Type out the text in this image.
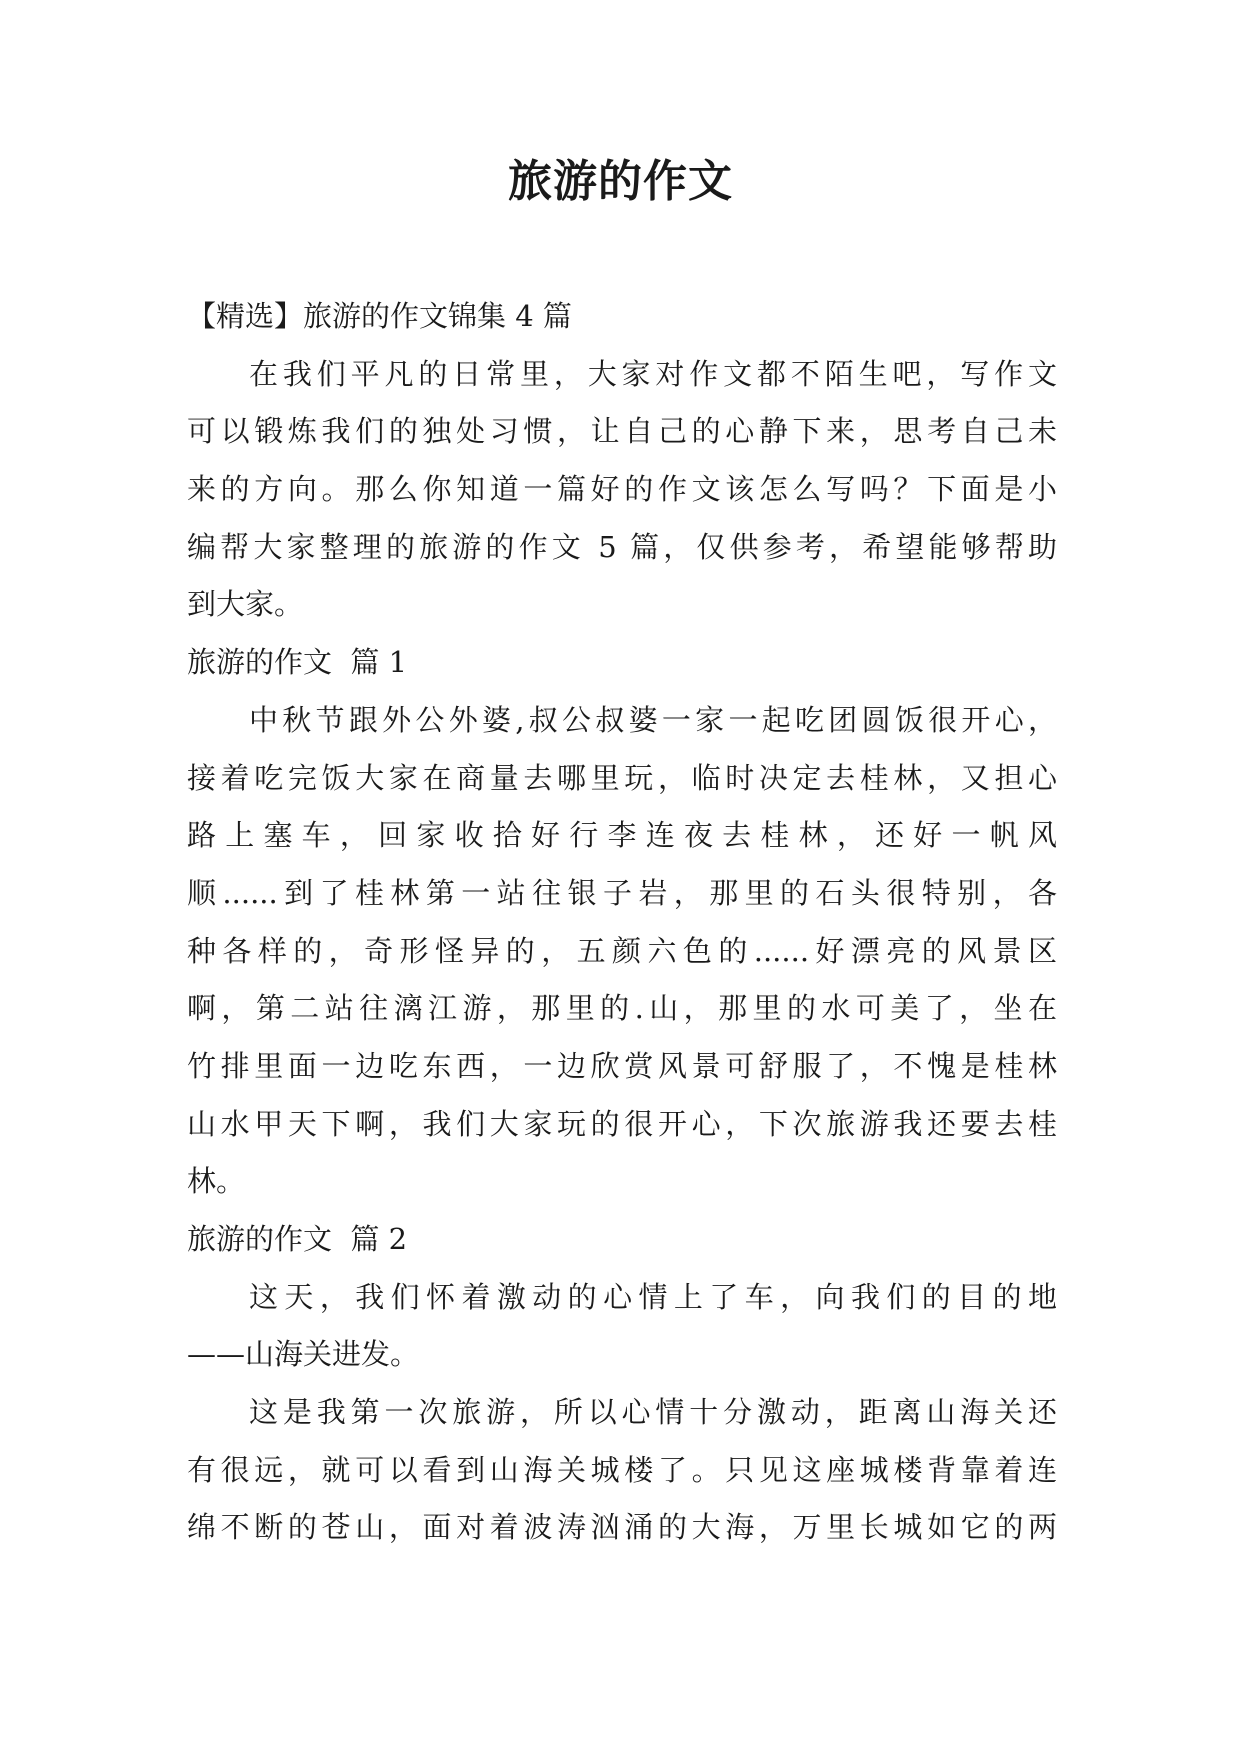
旅游的作文
【精选】旅游的作文锦集 4 篇
在我们平凡的日常里，大家对作文都不陌生吧，写作文
可以锻炼我们的独处习惯，让自己的心静下来，思考自己未
来的方向。那么你知道一篇好的作文该怎么写吗？下面是小
编帮大家整理的旅游的作文 5 篇，仅供参考，希望能够帮助
到大家。
旅游的作文  篇 1
中秋节跟外公外婆,叔公叔婆一家一起吃团圆饭很开心，
接着吃完饭大家在商量去哪里玩，临时决定去桂林，又担心
路上塞车，回家收拾好行李连夜去桂林，还好一帆风
顺......到了桂林第一站往银子岩，那里的石头很特别，各
种各样的，奇形怪异的，五颜六色的......好漂亮的风景区
啊，第二站往漓江游，那里的.山，那里的水可美了，坐在
竹排里面一边吃东西，一边欣赏风景可舒服了，不愧是桂林
山水甲天下啊，我们大家玩的很开心，下次旅游我还要去桂
林。
旅游的作文  篇 2
这天，我们怀着激动的心情上了车，向我们的目的地
——山海关进发。
这是我第一次旅游，所以心情十分激动，距离山海关还
有很远，就可以看到山海关城楼了。只见这座城楼背靠着连
绵不断的苍山，面对着波涛汹涌的大海，万里长城如它的两
